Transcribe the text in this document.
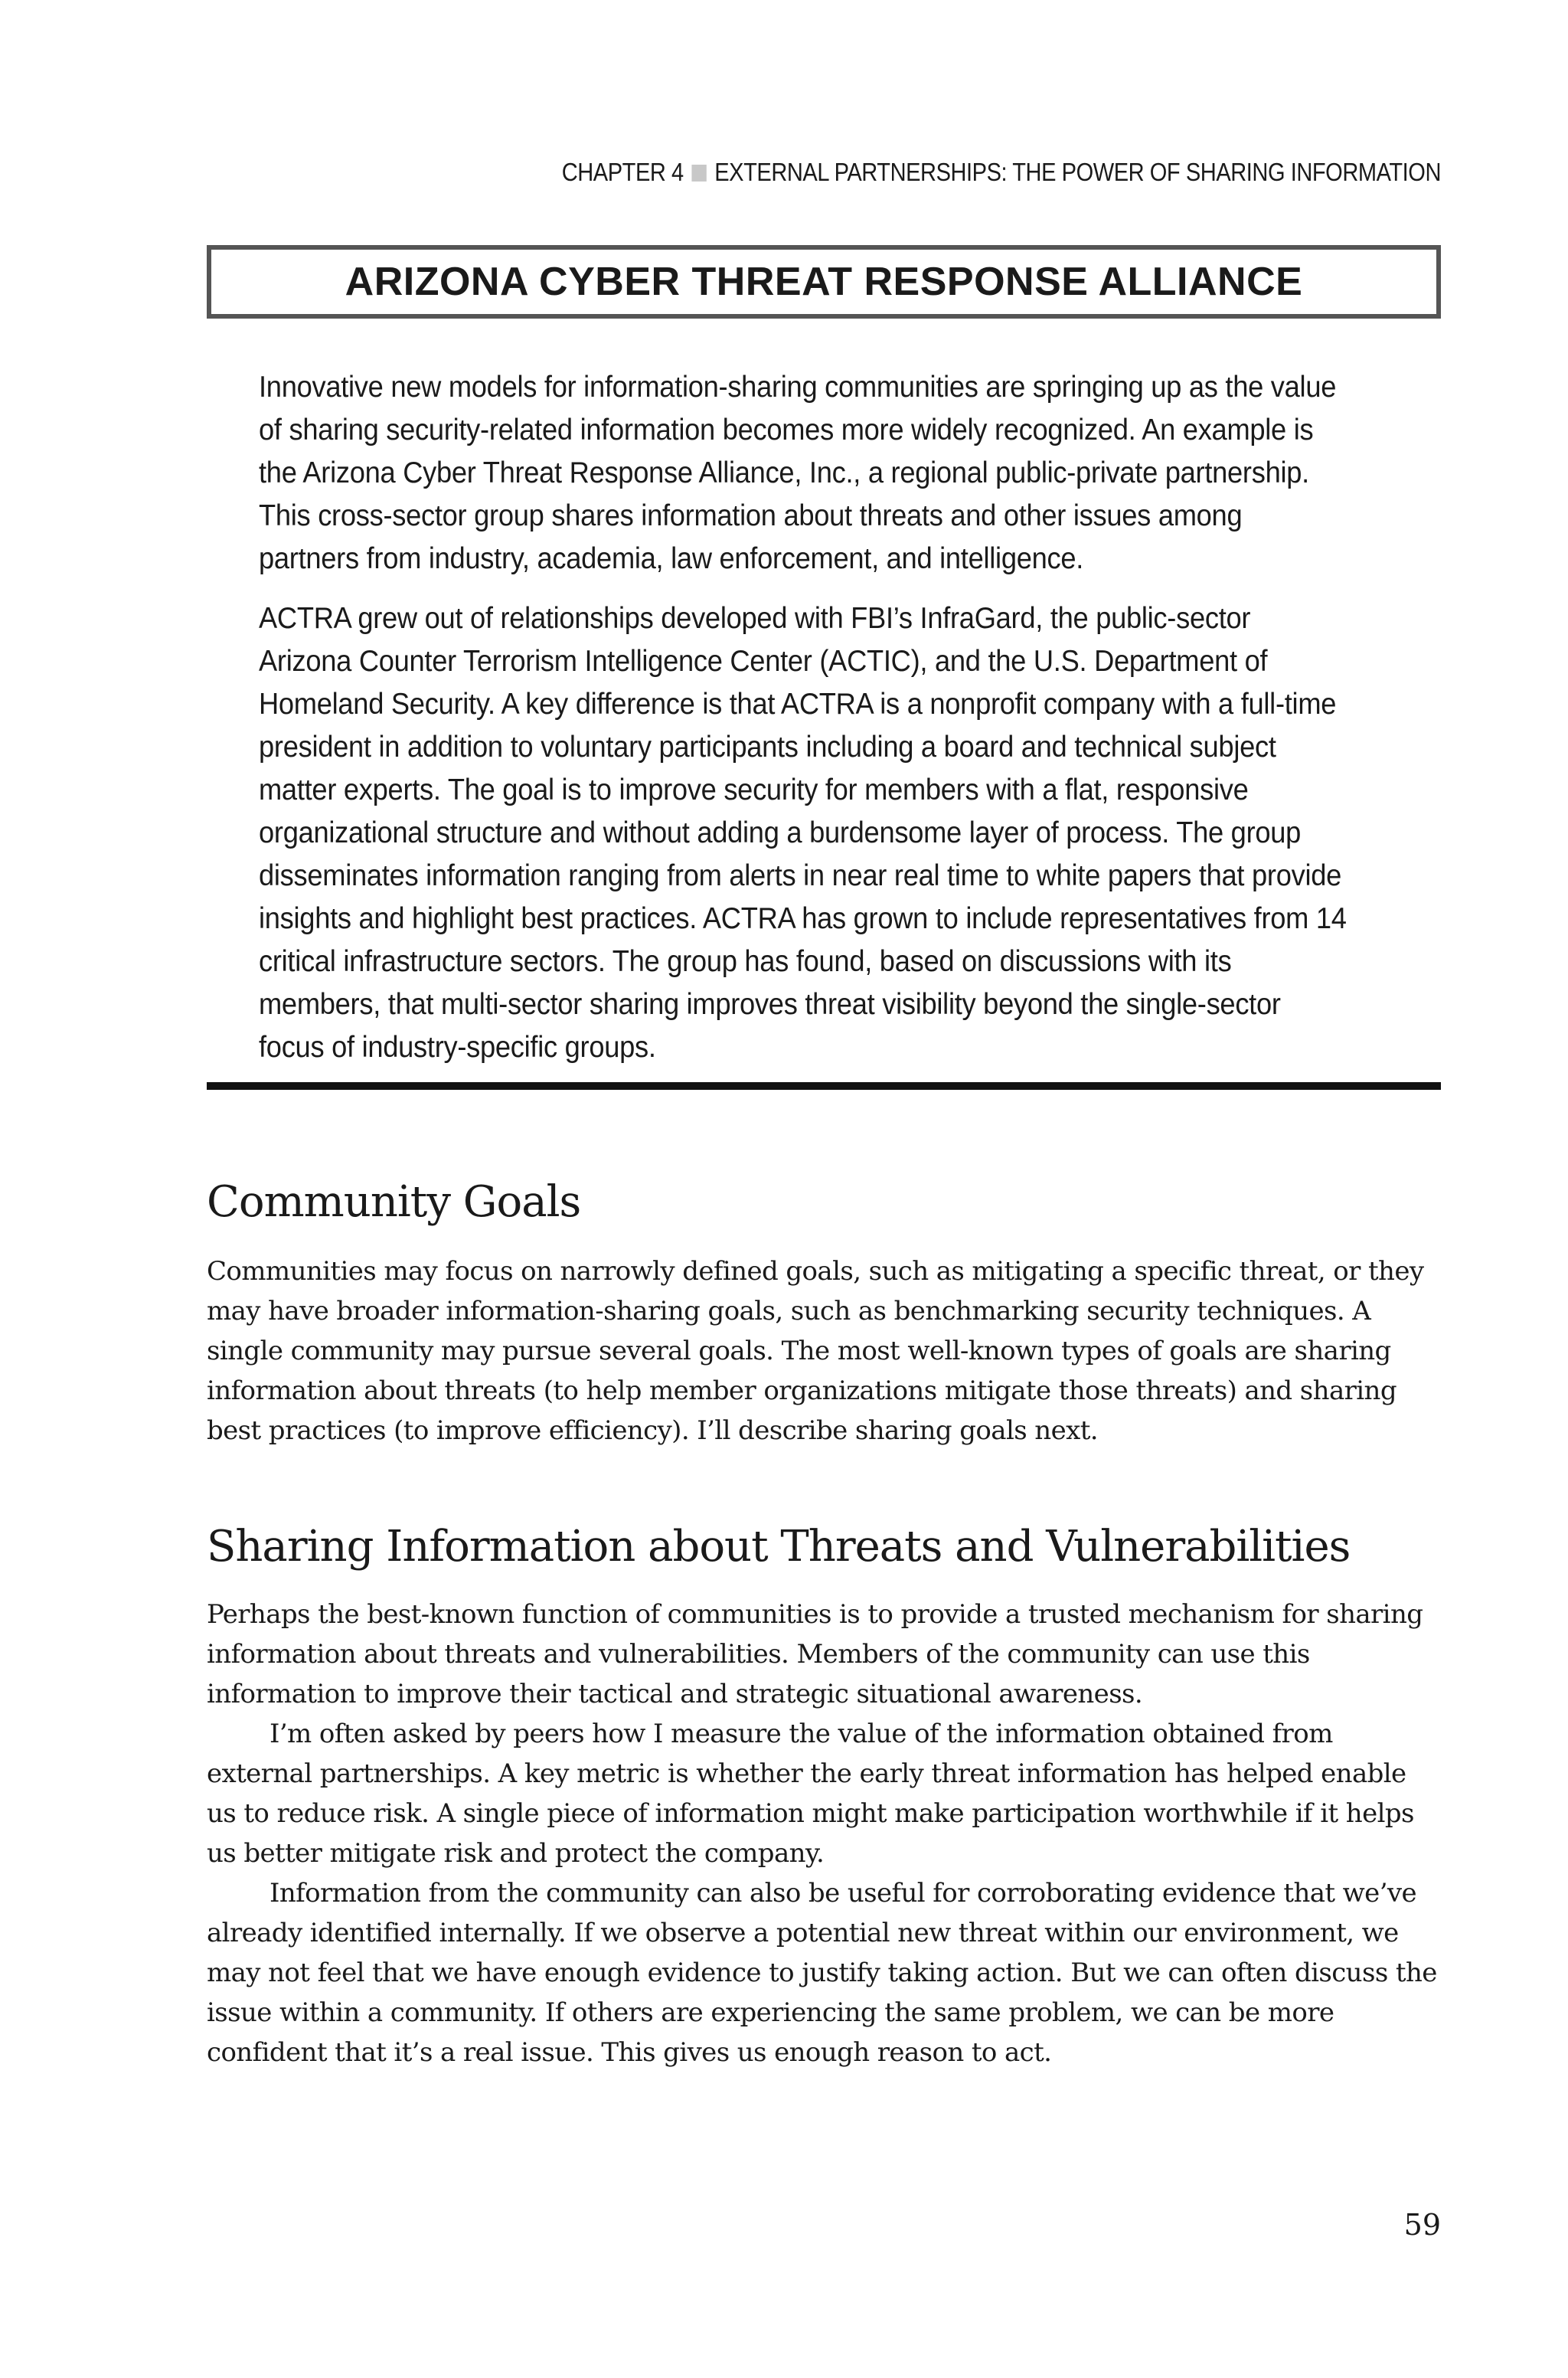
CHAPTER 4 EXTERNAL PARTNERSHIPS: THE POWER OF SHARING INFORMATION
ARIZONA CYBER THREAT RESPONSE ALLIANCE

Innovative new models for information-sharing communities are springing up as the value of sharing security-related information becomes more widely recognized. An example is the Arizona Cyber Threat Response Alliance, Inc., a regional public-private partnership. This cross-sector group shares information about threats and other issues among partners from industry, academia, law enforcement, and intelligence.

ACTRA grew out of relationships developed with FBI’s InfraGard, the public-sector Arizona Counter Terrorism Intelligence Center (ACTIC), and the U.S. Department of Homeland Security. A key difference is that ACTRA is a nonprofit company with a full-time president in addition to voluntary participants including a board and technical subject matter experts. The goal is to improve security for members with a flat, responsive organizational structure and without adding a burdensome layer of process. The group disseminates information ranging from alerts in near real time to white papers that provide insights and highlight best practices. ACTRA has grown to include representatives from 14 critical infrastructure sectors. The group has found, based on discussions with its members, that multi-sector sharing improves threat visibility beyond the single-sector focus of industry-specific groups.

Community Goals

Communities may focus on narrowly defined goals, such as mitigating a specific threat, or they may have broader information-sharing goals, such as benchmarking security techniques. A single community may pursue several goals. The most well-known types of goals are sharing information about threats (to help member organizations mitigate those threats) and sharing best practices (to improve efficiency). I’ll describe sharing goals next.

Sharing Information about Threats and Vulnerabilities

Perhaps the best-known function of communities is to provide a trusted mechanism for sharing information about threats and vulnerabilities. Members of the community can use this information to improve their tactical and strategic situational awareness.

I’m often asked by peers how I measure the value of the information obtained from external partnerships. A key metric is whether the early threat information has helped enable us to reduce risk. A single piece of information might make participation worthwhile if it helps us better mitigate risk and protect the company.

Information from the community can also be useful for corroborating evidence that we’ve already identified internally. If we observe a potential new threat within our environment, we may not feel that we have enough evidence to justify taking action. But we can often discuss the issue within a community. If others are experiencing the same problem, we can be more confident that it’s a real issue. This gives us enough reason to act.

59
